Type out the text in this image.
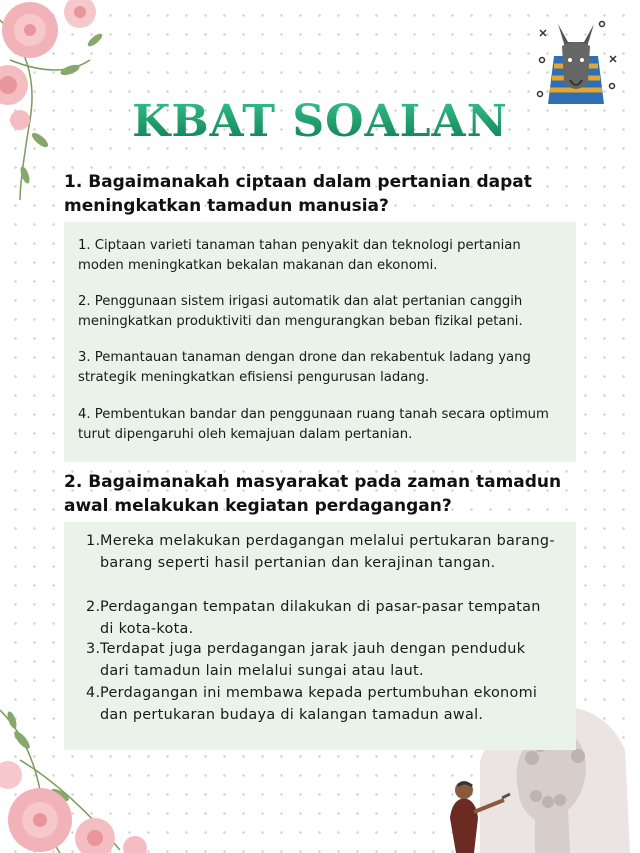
KBAT SOALAN
1. Bagaimanakah ciptaan dalam pertanian dapat meningkatkan tamadun manusia?
1. Ciptaan varieti tanaman tahan penyakit dan teknologi pertanian moden meningkatkan bekalan makanan dan ekonomi.
2. Penggunaan sistem irigasi automatik dan alat pertanian canggih meningkatkan produktiviti dan mengurangkan beban fizikal petani.
3. Pemantauan tanaman dengan drone dan rekabentuk ladang yang strategik meningkatkan efisiensi pengurusan ladang.
4. Pembentukan bandar dan penggunaan ruang tanah secara optimum turut dipengaruhi oleh kemajuan dalam pertanian.
2. Bagaimanakah masyarakat pada zaman tamadun awal melakukan kegiatan perdagangan?
1. Mereka melakukan perdagangan melalui pertukaran barang-barang seperti hasil pertanian dan kerajinan tangan.
2. Perdagangan tempatan dilakukan di pasar-pasar tempatan di kota-kota.
3. Terdapat juga perdagangan jarak jauh dengan penduduk dari tamadun lain melalui sungai atau laut.
4. Perdagangan ini membawa kepada pertumbuhan ekonomi dan pertukaran budaya di kalangan tamadun awal.
